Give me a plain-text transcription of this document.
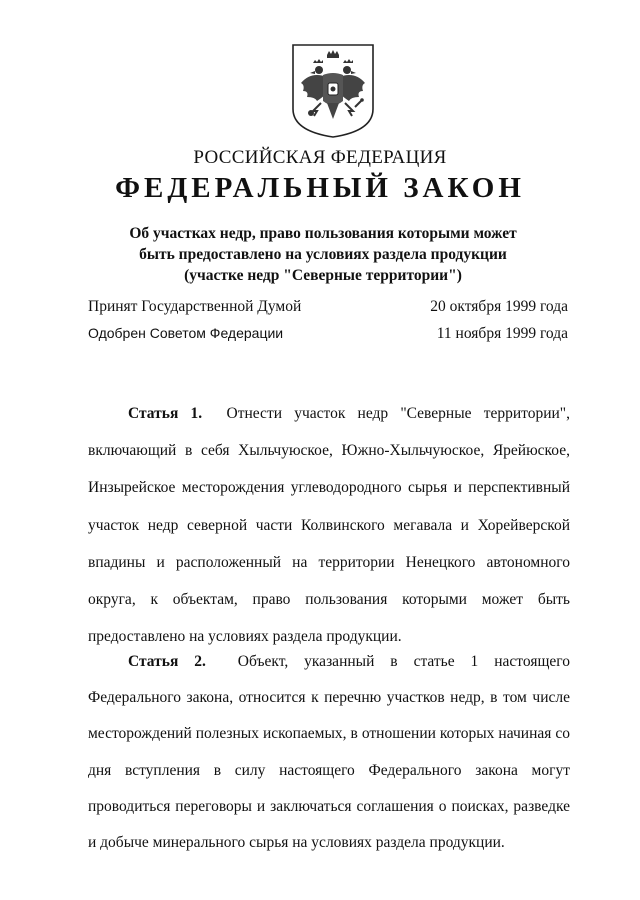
РОССИЙСКАЯ ФЕДЕРАЦИЯ
ФЕДЕРАЛЬНЫЙ ЗАКОН
Об участках недр, право пользования которыми может
быть предоставлено на условиях раздела продукции
(участке недр "Северные территории")
Принят Государственной Думой	20 октября 1999 года
Одобрен Советом Федерации	11 ноября 1999 года
Статья 1. Отнести участок недр "Северные территории", включающий в себя Хыльчуюское, Южно-Хыльчуюское, Ярейюское, Инзырейское месторождения углеводородного сырья и перспективный участок недр северной части Колвинского мегавала и Хорейверской впадины и расположенный на территории Ненецкого автономного округа, к объектам, право пользования которыми может быть предоставлено на условиях раздела продукции.
Статья 2. Объект, указанный в статье 1 настоящего Федерального закона, относится к перечню участков недр, в том числе месторождений полезных ископаемых, в отношении которых начиная со дня вступления в силу настоящего Федерального закона могут проводиться переговоры и заключаться соглашения о поисках, разведке и добыче минерального сырья на условиях раздела продукции.
